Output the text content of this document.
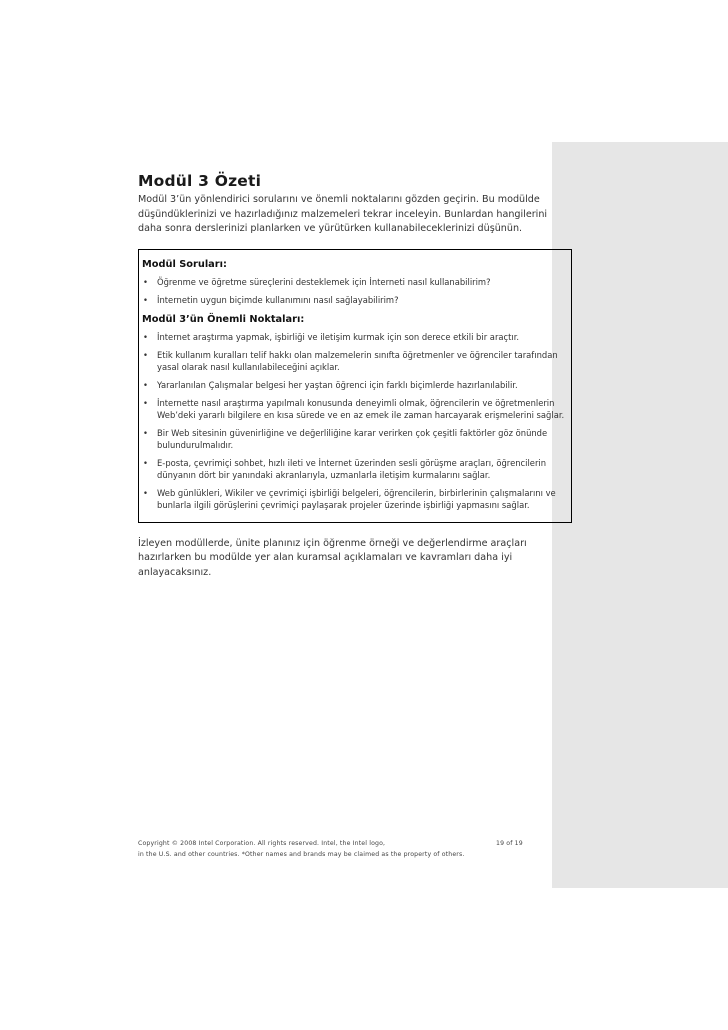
Modül 3 Özeti

Modül 3’ün yönlendirici sorularını ve önemli noktalarını gözden geçirin. Bu modülde düşündüklerinizi ve hazırladığınız malzemeleri tekrar inceleyin. Bunlardan hangilerini daha sonra derslerinizi planlarken ve yürütürken kullanabileceklerinizi düşünün.

Modül Soruları:
• Öğrenme ve öğretme süreçlerini desteklemek için İnterneti nasıl kullanabilirim?
• İnternetin uygun biçimde kullanımını nasıl sağlayabilirim?
Modül 3’ün Önemli Noktaları:
• İnternet araştırma yapmak, işbirliği ve iletişim kurmak için son derece etkili bir araçtır.
• Etik kullanım kuralları telif hakkı olan malzemelerin sınıfta öğretmenler ve öğrenciler tarafından yasal olarak nasıl kullanılabileceğini açıklar.
• Yararlanılan Çalışmalar belgesi her yaştan öğrenci için farklı biçimlerde hazırlanılabilir.
• İnternette nasıl araştırma yapılmalı konusunda deneyimli olmak, öğrencilerin ve öğretmenlerin Web’deki yararlı bilgilere en kısa sürede ve en az emek ile zaman harcayarak erişmelerini sağlar.
• Bir Web sitesinin güvenirliğine ve değerliliğine karar verirken çok çeşitli faktörler göz önünde bulundurulmalıdır.
• E-posta, çevrimiçi sohbet, hızlı ileti ve İnternet üzerinden sesli görüşme araçları, öğrencilerin dünyanın dört bir yanındaki akranlarıyla, uzmanlarla iletişim kurmalarını sağlar.
• Web günlükleri, Wikiler ve çevrimiçi işbirliği belgeleri, öğrencilerin, birbirlerinin çalışmalarını ve bunlarla ilgili görüşlerini çevrimiçi paylaşarak projeler üzerinde işbirliği yapmasını sağlar.

İzleyen modüllerde, ünite planınız için öğrenme örneği ve değerlendirme araçları hazırlarken bu modülde yer alan kuramsal açıklamaları ve kavramları daha iyi anlayacaksınız.

Copyright © 2008 Intel Corporation. All rights reserved. Intel, the Intel logo,	19 of 19
in the U.S. and other countries. *Other names and brands may be claimed as the property of others.
